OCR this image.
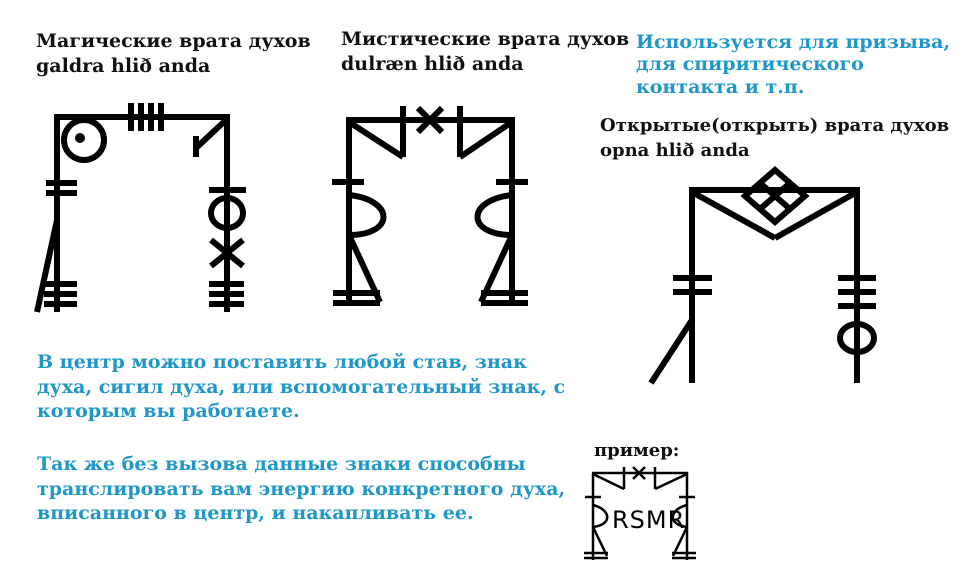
Магические врата духов
galdra hlið anda
Мистические врата духов
dulræn hlið anda
Используется для призыва,
для спиритического
контакта и т.п.
Открытые(открыть) врата духов
opna hlið anda
В центр можно поставить любой став, знак
духа, сигил духа, или вспомогательный знак, с
которым вы работаете.
Так же без вызова данные знаки способны
транслировать вам энергию конкретного духа,
вписанного в центр, и накапливать ее.
пример:
RSMR
